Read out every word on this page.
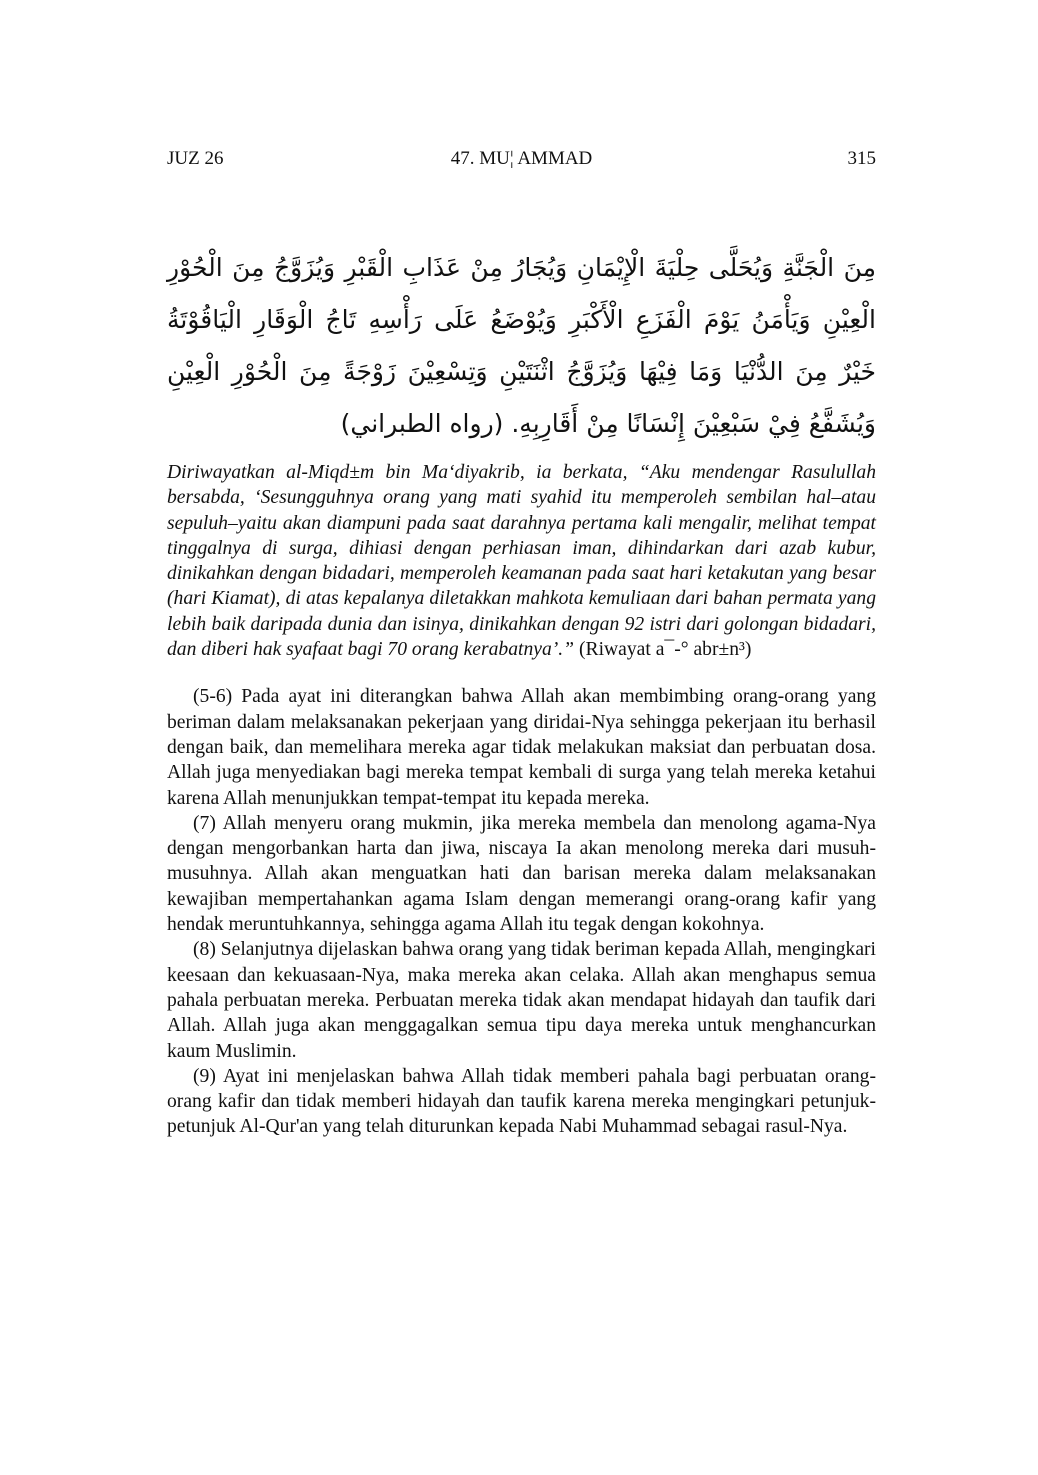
JUZ 26	47. MU¦ AMMAD	315
مِنَ الْجَنَّةِ وَيُحَلَّى حِلْيَةَ الْإِيْمَانِ وَيُجَارُ مِنْ عَذَابِ الْقَبْرِ وَيُزَوَّجُ مِنَ الْحُوْرِ الْعِيْنِ وَيَأْمَنُ يَوْمَ الْفَزَعِ الْأَكْبَرِ وَيُوْضَعُ عَلَى رَأْسِهِ تَاجُ الْوَقَارِ الْيَاقُوْتَةُ خَيْرٌ مِنَ الدُّنْيَا وَمَا فِيْهَا وَيُزَوَّجُ اثْنَتَيْنِ وَتِسْعِيْنَ زَوْجَةً مِنَ الْحُوْرِ الْعِيْنِ وَيُشَفَّعُ فِيْ سَبْعِيْنَ إِنْسَانًا مِنْ أَقَارِبِهِ. (رواه الطبراني)
Diriwayatkan al-Miqd±m bin Ma‘diyakrib, ia berkata, “Aku mendengar Rasulullah bersabda, ‘Sesungguhnya orang yang mati syahid itu memperoleh sembilan hal–atau sepuluh–yaitu akan diampuni pada saat darahnya pertama kali mengalir, melihat tempat tinggalnya di surga, dihiasi dengan perhiasan iman, dihindarkan dari azab kubur, dinikahkan dengan bidadari, memperoleh keamanan pada saat hari ketakutan yang besar (hari Kiamat), di atas kepalanya diletakkan mahkota kemuliaan dari bahan permata yang lebih baik daripada dunia dan isinya, dinikahkan dengan 92 istri dari golongan bidadari, dan diberi hak syafaat bagi 70 orang kerabatnya’.” (Riwayat a¯-° abr±n³)

(5-6) Pada ayat ini diterangkan bahwa Allah akan membimbing orang-orang yang beriman dalam melaksanakan pekerjaan yang diridai-Nya sehingga pekerjaan itu berhasil dengan baik, dan memelihara mereka agar tidak melakukan maksiat dan perbuatan dosa. Allah juga menyediakan bagi mereka tempat kembali di surga yang telah mereka ketahui karena Allah menunjukkan tempat-tempat itu kepada mereka.

(7) Allah menyeru orang mukmin, jika mereka membela dan menolong agama-Nya dengan mengorbankan harta dan jiwa, niscaya Ia akan menolong mereka dari musuh-musuhnya. Allah akan menguatkan hati dan barisan mereka dalam melaksanakan kewajiban mempertahankan agama Islam dengan memerangi orang-orang kafir yang hendak meruntuhkannya, sehingga agama Allah itu tegak dengan kokohnya.

(8) Selanjutnya dijelaskan bahwa orang yang tidak beriman kepada Allah, mengingkari keesaan dan kekuasaan-Nya, maka mereka akan celaka. Allah akan menghapus semua pahala perbuatan mereka. Perbuatan mereka tidak akan mendapat hidayah dan taufik dari Allah. Allah juga akan menggagalkan semua tipu daya mereka untuk menghancurkan kaum Muslimin.

(9) Ayat ini menjelaskan bahwa Allah tidak memberi pahala bagi perbuatan orang-orang kafir dan tidak memberi hidayah dan taufik karena mereka mengingkari petunjuk-petunjuk Al-Qur'an yang telah diturunkan kepada Nabi Muhammad sebagai rasul-Nya.
